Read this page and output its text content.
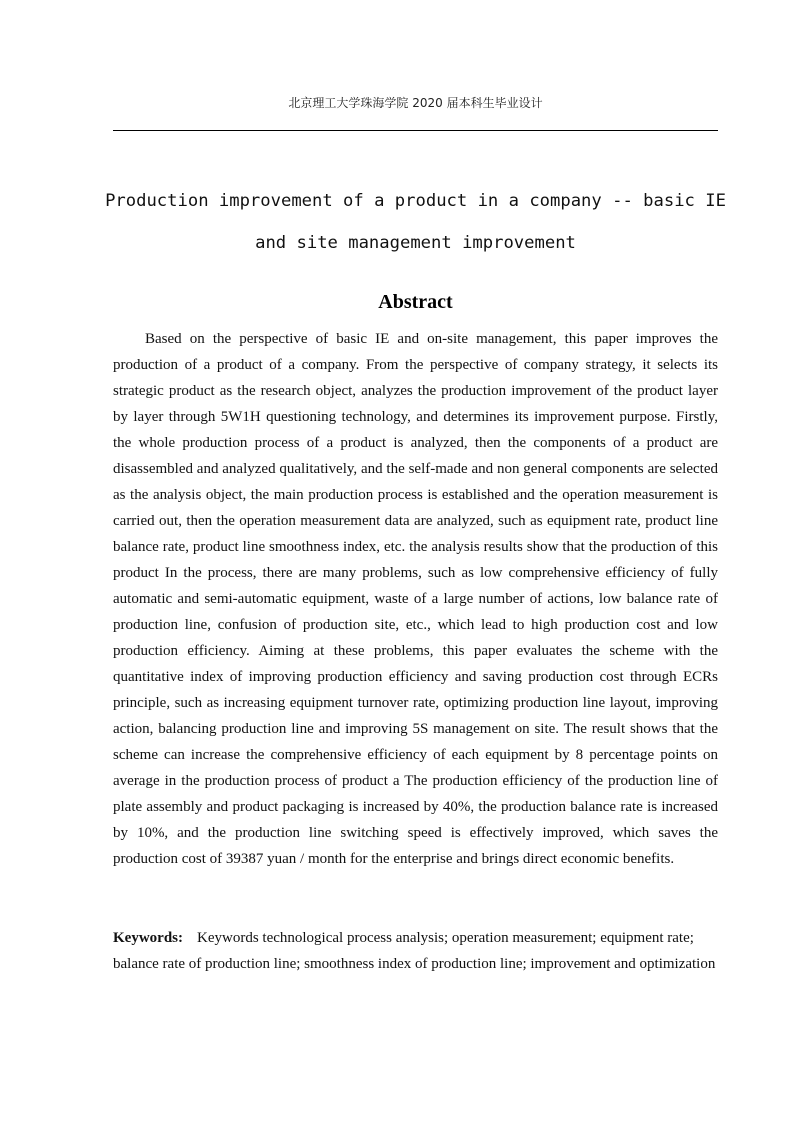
北京理工大学珠海学院 2020 届本科生毕业设计
Production improvement of a product in a company -- basic IE and site management improvement
Abstract

Based on the perspective of basic IE and on-site management, this paper improves the production of a product of a company. From the perspective of company strategy, it selects its strategic product as the research object, analyzes the production improvement of the product layer by layer through 5W1H questioning technology, and determines its improvement purpose. Firstly, the whole production process of a product is analyzed, then the components of a product are disassembled and analyzed qualitatively, and the self-made and non general components are selected as the analysis object, the main production process is established and the operation measurement is carried out, then the operation measurement data are analyzed, such as equipment rate, product line balance rate, product line smoothness index, etc. the analysis results show that the production of this product In the process, there are many problems, such as low comprehensive efficiency of fully automatic and semi-automatic equipment, waste of a large number of actions, low balance rate of production line, confusion of production site, etc., which lead to high production cost and low production efficiency. Aiming at these problems, this paper evaluates the scheme with the quantitative index of improving production efficiency and saving production cost through ECRs principle, such as increasing equipment turnover rate, optimizing production line layout, improving action, balancing production line and improving 5S management on site. The result shows that the scheme can increase the comprehensive efficiency of each equipment by 8 percentage points on average in the production process of product a The production efficiency of the production line of plate assembly and product packaging is increased by 40%, the production balance rate is increased by 10%, and the production line switching speed is effectively improved, which saves the production cost of 39387 yuan / month for the enterprise and brings direct economic benefits.

Keywords: Keywords technological process analysis; operation measurement; equipment rate; balance rate of production line; smoothness index of production line; improvement and optimization
